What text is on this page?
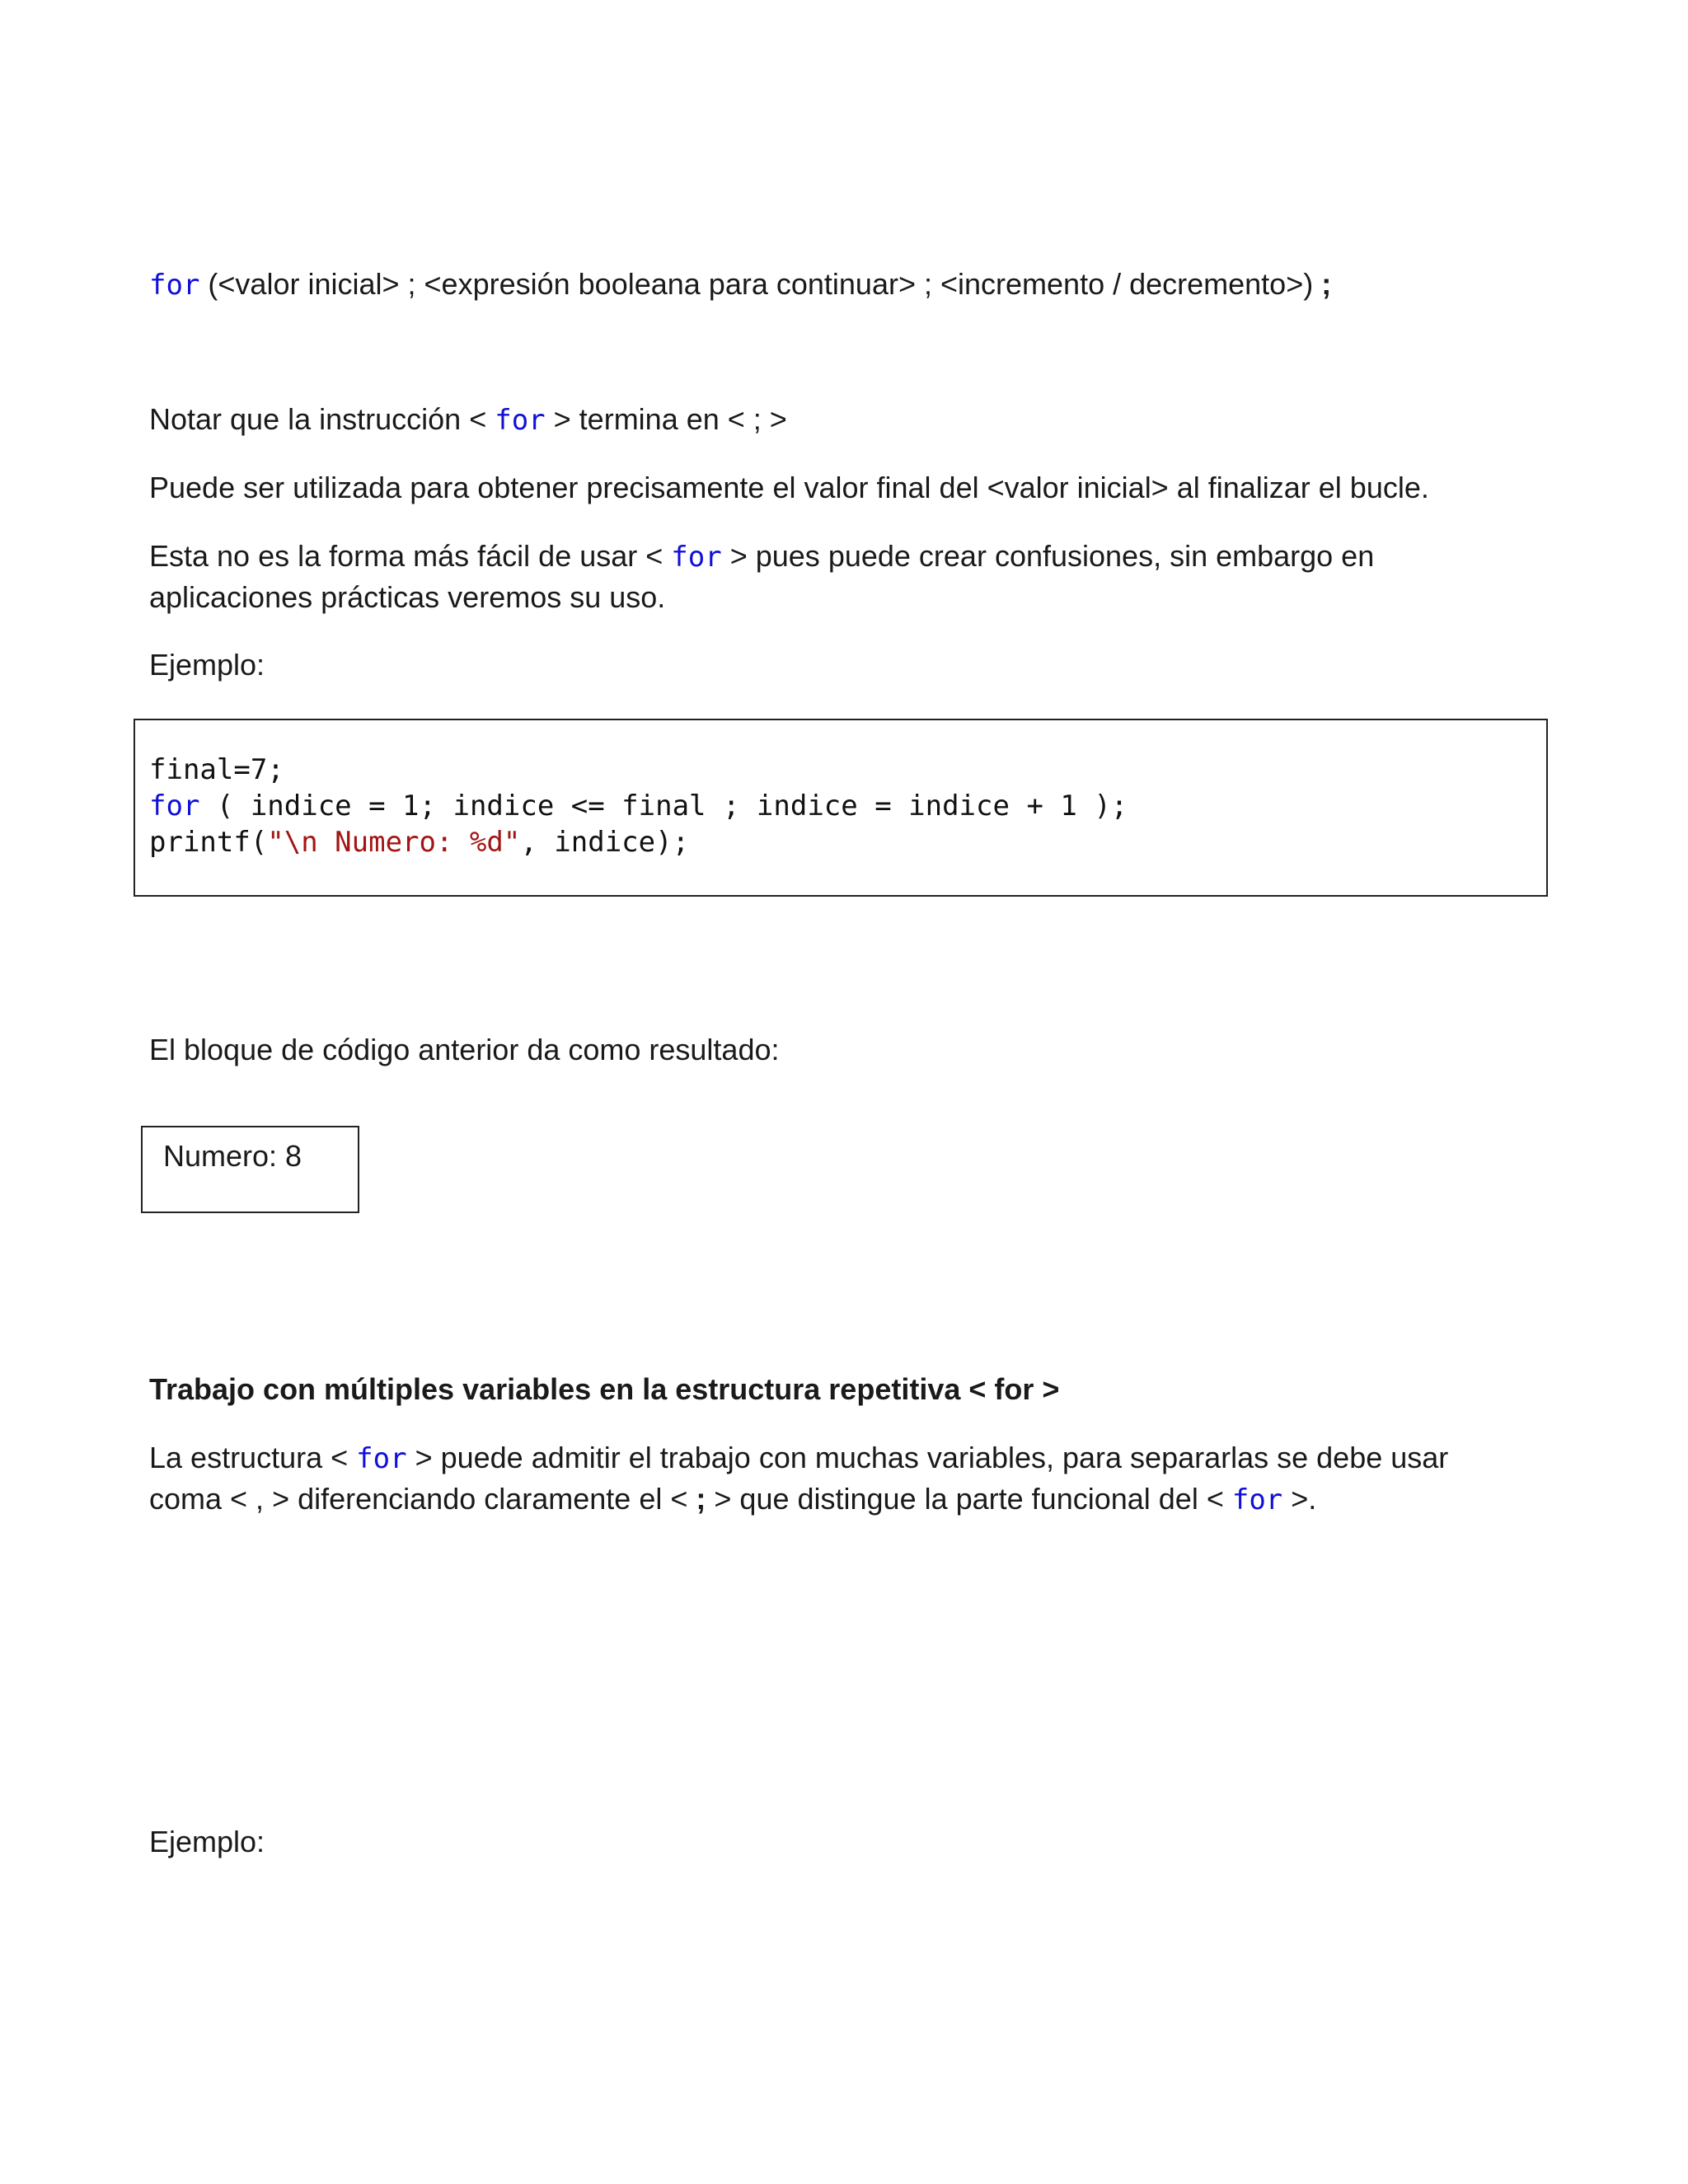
for (<valor inicial> ; <expresión booleana para continuar> ; <incremento / decremento>) ;
Notar que la instrucción < for > termina en < ; >
Puede ser utilizada para obtener precisamente el valor final del <valor inicial> al finalizar el bucle.
Esta no es la forma más fácil de usar < for > pues puede crear confusiones, sin embargo en
aplicaciones prácticas veremos su uso.
Ejemplo:
final=7;
for ( indice = 1; indice <= final ; indice = indice + 1 );
printf("\n Numero: %d", indice);
El bloque de código anterior da como resultado:
Numero: 8
Trabajo con múltiples variables en la estructura repetitiva < for >
La estructura < for > puede admitir el trabajo con muchas variables, para separarlas se debe usar
coma < , > diferenciando claramente el < ; > que distingue la parte funcional del < for >.
Ejemplo:
